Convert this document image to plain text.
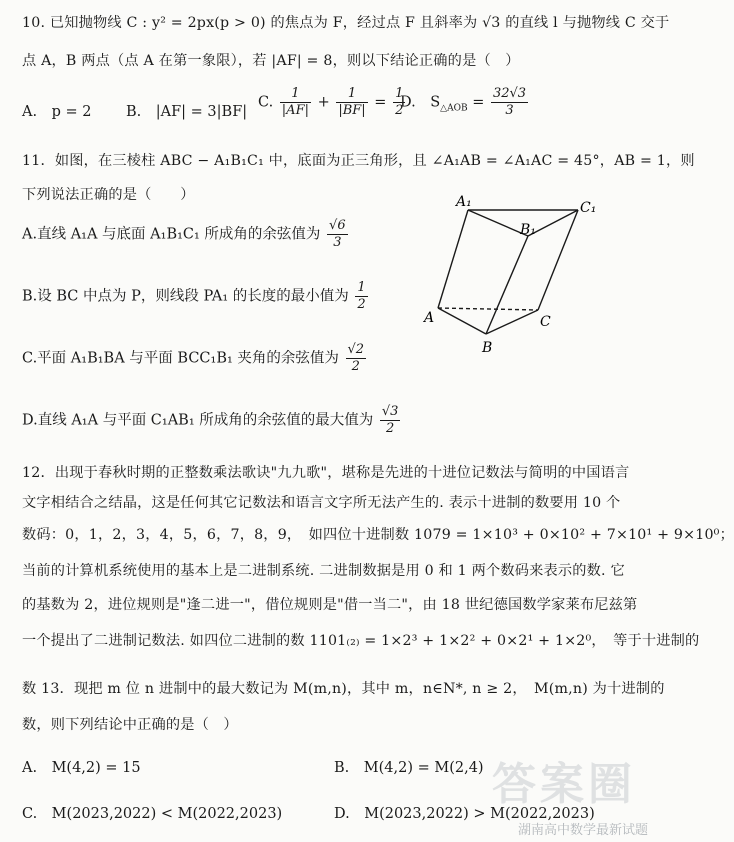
10. 已知抛物线 C : y² = 2px(p > 0) 的焦点为 F，经过点 F 且斜率为 √3 的直线 l 与抛物线 C 交于
点 A，B 两点（点 A 在第一象限），若 |AF| = 8，则以下结论正确的是（　）
A.　p = 2 B.　|AF| = 3|BF|
C. $\frac{1}{|AF|} + \frac{1}{|BF|} = \frac{1}{2}$
D.　$S_{\triangle AOB} = \frac{32√3}{3}$
11．如图，在三棱柱 ABC − A₁B₁C₁ 中，底面为正三角形，且 ∠A₁AB = ∠A₁AC = 45°，AB = 1，则
下列说法正确的是（　　）
A.直线 A₁A 与底面 A₁B₁C₁ 所成角的余弦值为 $\frac{√6}{3}$
B.设 BC 中点为 P，则线段 PA₁ 的长度的最小值为 $\frac{1}{2}$
C.平面 A₁B₁BA 与平面 BCC₁B₁ 夹角的余弦值为 $\frac{√2}{2}$
D.直线 A₁A 与平面 C₁AB₁ 所成角的余弦值的最大值为 $\frac{√3}{2}$
A₁	C₁
B₁
A
B
C
12．出现于春秋时期的正整数乘法歌诀"九九歌"，堪称是先进的十进位记数法与简明的中国语言
文字相结合之结晶，这是任何其它记数法和语言文字所无法产生的. 表示十进制的数要用 10 个
数码：0，1，2，3，4，5，6，7，8，9，　如四位十进制数 1079 = 1×10³ + 0×10² + 7×10¹ + 9×10⁰；
当前的计算机系统使用的基本上是二进制系统. 二进制数据是用 0 和 1 两个数码来表示的数. 它
的基数为 2，进位规则是"逢二进一"，借位规则是"借一当二"，由 18 世纪德国数学家莱布尼兹第
一个提出了二进制记数法. 如四位二进制的数 1101₍₂₎ = 1×2³ + 1×2² + 0×2¹ + 1×2⁰，　等于十进制的
数 13．现把 m 位 n 进制中的最大数记为 M(m,n)，其中 m，n∈N*, n ≥ 2，　M(m,n) 为十进制的
数，则下列结论中正确的是（　）
A.　M(4,2) = 15	B.　M(4,2) = M(2,4)
C.　M(2023,2022) < M(2022,2023)	D.　M(2023,2022) > M(2022,2023)
答案圈
湖南高中数学最新试题
